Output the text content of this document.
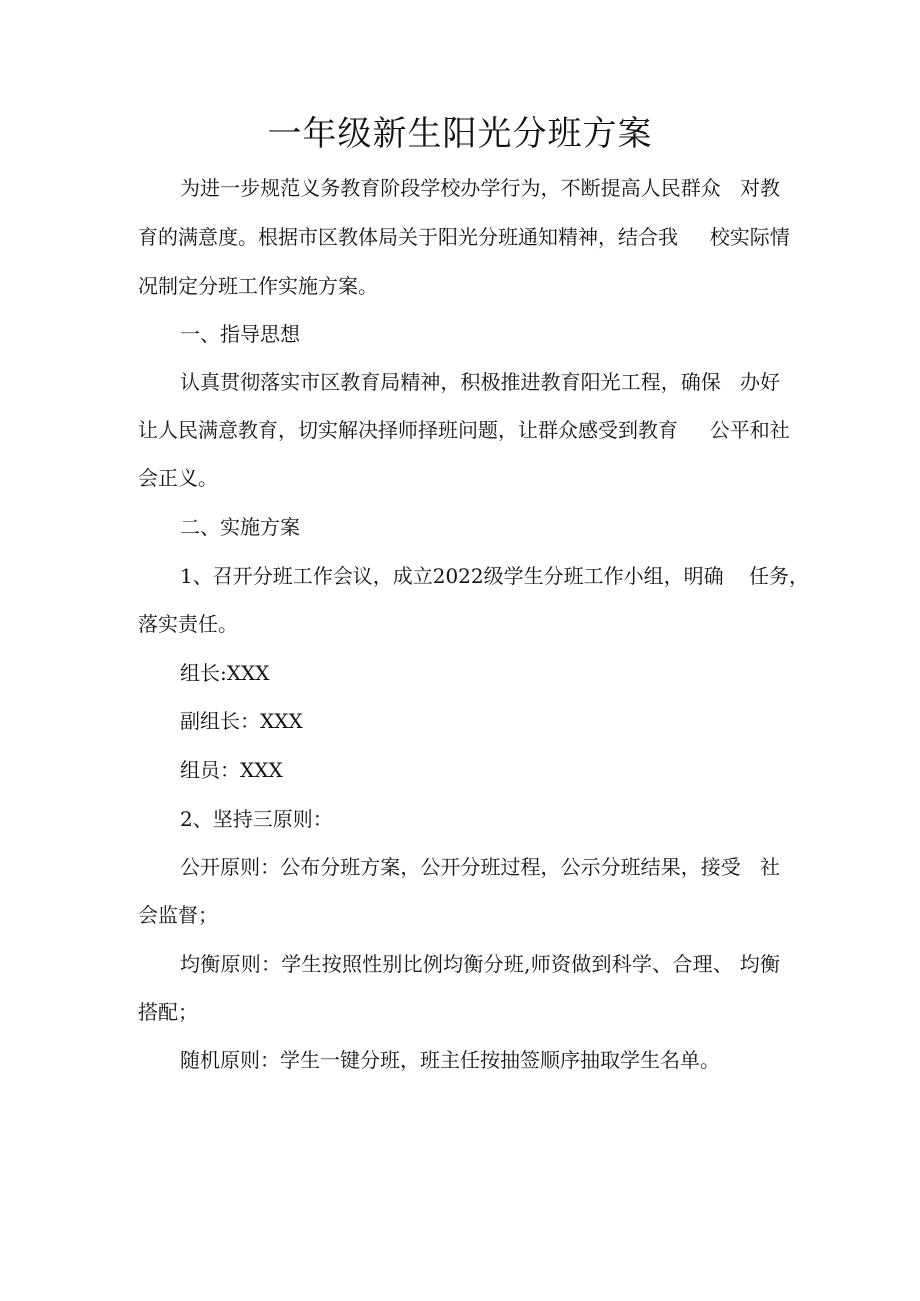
一年级新生阳光分班方案

为进一步规范义务教育阶段学校办学行为，不断提高人民群众   对教

育的满意度。根据市区教体局关于阳光分班通知精神，结合我     校实际情

况制定分班工作实施方案。

一、指导思想

认真贯彻落实市区教育局精神，积极推进教育阳光工程，确保   办好

让人民满意教育，切实解决择师择班问题，让群众感受到教育     公平和社

会正义。

二、实施方案

1、召开分班工作会议，成立2022级学生分班工作小组，明确    任务，

落实责任。

组长:XXX

副组长：XXX

组员：XXX

2、坚持三原则：

公开原则：公布分班方案，公开分班过程，公示分班结果，接受   社

会监督；

均衡原则：学生按照性别比例均衡分班,师资做到科学、合理、 均衡

搭配；

随机原则：学生一键分班，班主任按抽签顺序抽取学生名单。
